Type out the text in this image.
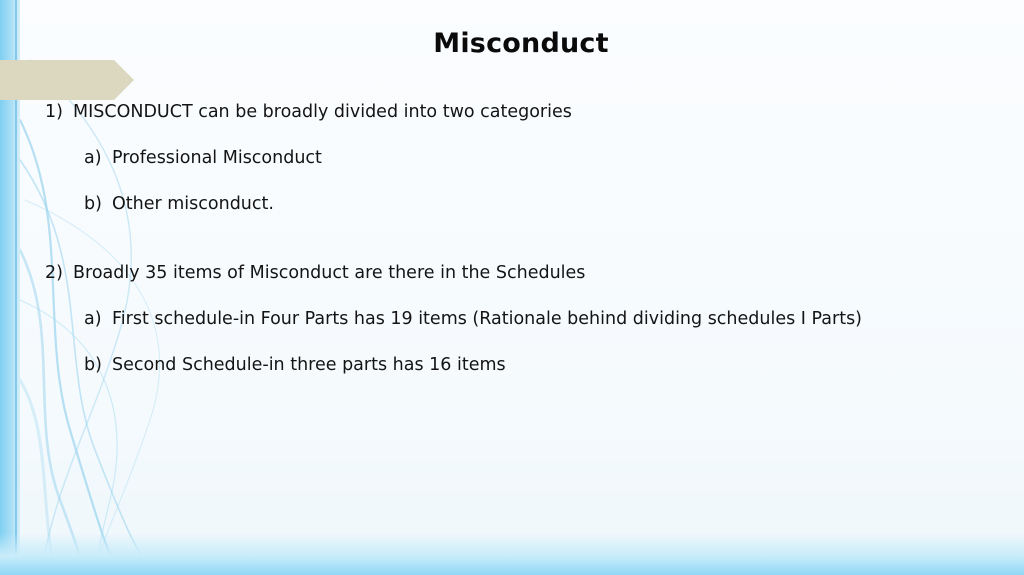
Misconduct
1) MISCONDUCT can be broadly divided into two categories
a) Professional Misconduct
b) Other misconduct.
2) Broadly 35 items of Misconduct are there in the Schedules
a) First schedule-in Four Parts has 19 items (Rationale behind dividing schedules I Parts)
b) Second Schedule-in three parts has 16 items
